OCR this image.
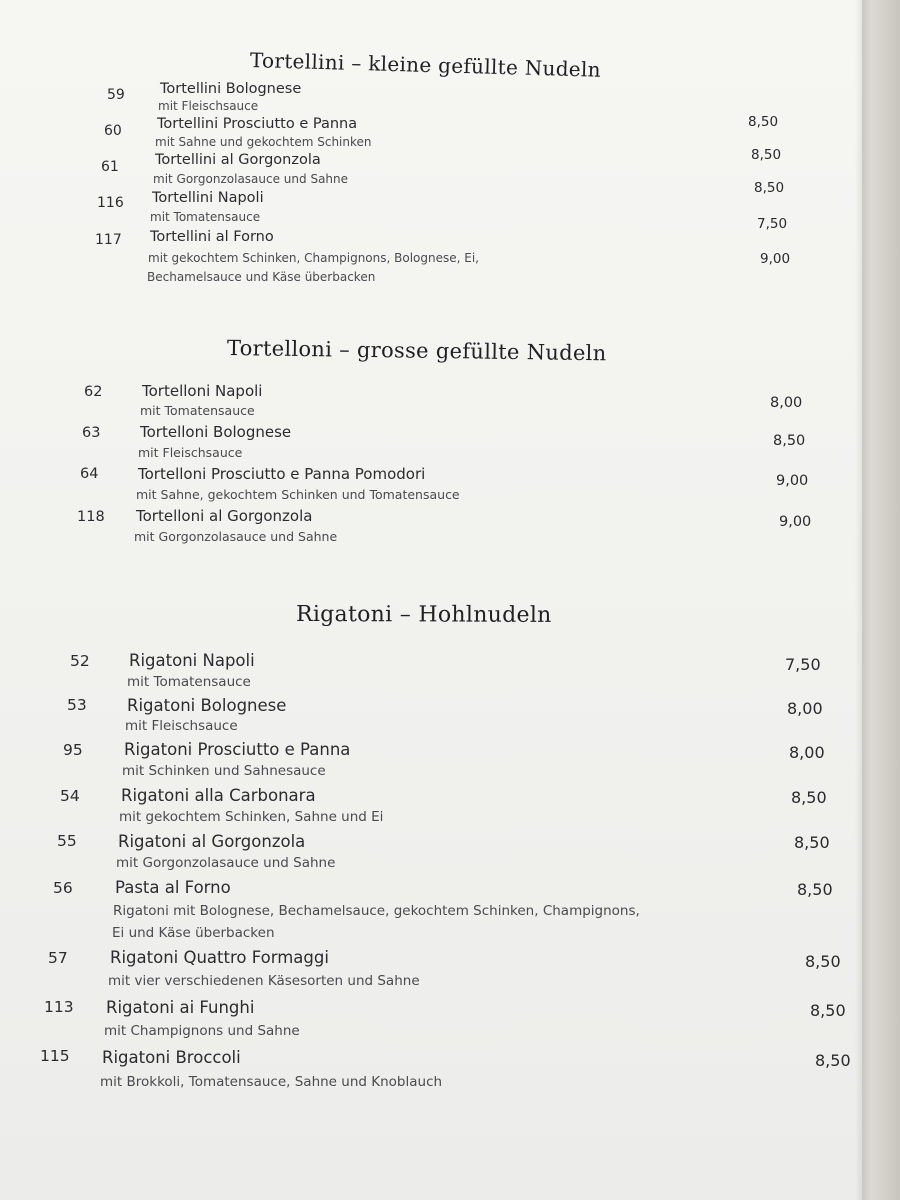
Tortellini – kleine gefüllte Nudeln
59 Tortellini Bolognese
mit Fleischsauce
8,50
60 Tortellini Prosciutto e Panna
mit Sahne und gekochtem Schinken
8,50
61 Tortellini al Gorgonzola
mit Gorgonzolasauce und Sahne
8,50
116 Tortellini Napoli
mit Tomatensauce	7,50
117 Tortellini al Forno
mit gekochtem Schinken, Champignons, Bolognese, Ei,
Bechamelsauce und Käse überbacken
9,00
Tortelloni – grosse gefüllte Nudeln
62	Tortelloni Napoli
mit Tomatensauce	8,00
63	Tortelloni Bolognese
mit Fleischsauce
8,50
64	Tortelloni Prosciutto e Panna Pomodori
mit Sahne, gekochtem Schinken und Tomatensauce
9,00
118 Tortelloni al Gorgonzola
mit Gorgonzolasauce und Sahne
9,00
Rigatoni – Hohlnudeln
52 Rigatoni Napoli
mit Tomatensauce
7,50
53 Rigatoni Bolognese
mit Fleischsauce
8,00
95	Rigatoni Prosciutto e Panna
mit Schinken und Sahnesauce
8,00
54	Rigatoni alla Carbonara
mit gekochtem Schinken, Sahne und Ei
8,50
55	Rigatoni al Gorgonzola
mit Gorgonzolasauce und Sahne
8,50
56	Pasta al Forno
Rigatoni mit Bolognese, Bechamelsauce, gekochtem Schinken, Champignons,
Ei und Käse überbacken
8,50
57	Rigatoni Quattro Formaggi
mit vier verschiedenen Käsesorten und Sahne
8,50
113 Rigatoni ai Funghi
mit Champignons und Sahne
8,50
115 Rigatoni Broccoli
mit Brokkoli, Tomatensauce, Sahne und Knoblauch
8,50
